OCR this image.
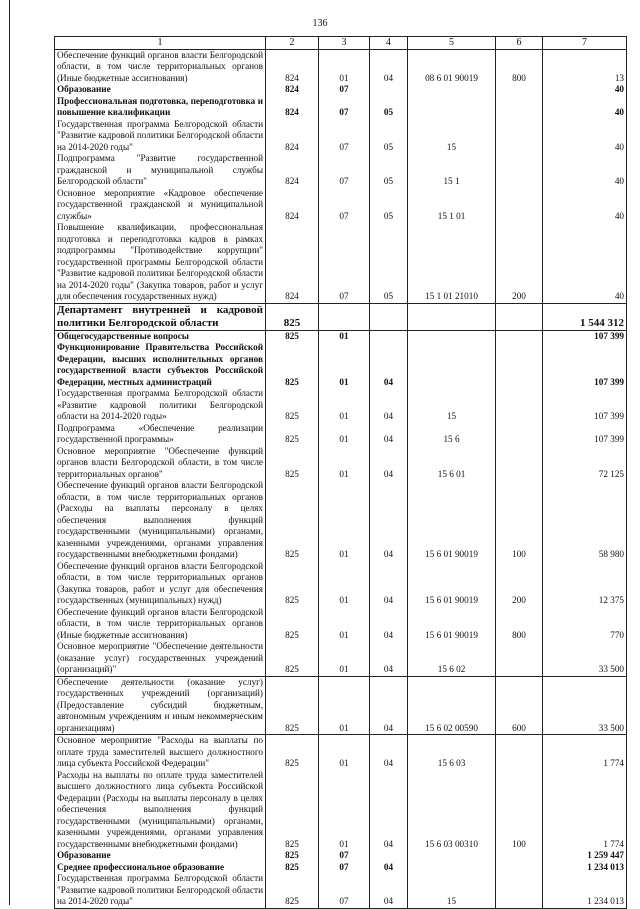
136
1	2	3	4	5	6	7
Обеспечение функций органов власти Белгородской области, в том числе территориальных органов (Иные бюджетные ассигнования)	824	01	04	08 6 01 90019	800	13
Образование	824	07				40
Профессиональная подготовка, переподготовка и повышение квалификации	824	07	05			40
Государственная программа Белгородской области "Развитие кадровой политики Белгородской области на 2014-2020 годы"	824	07	05	15		40
Подпрограмма "Развитие государственной гражданской и муниципальной службы Белгородской области"	824	07	05	15 1		40
Основное мероприятие «Кадровое обеспечение государственной гражданской и муниципальной службы»	824	07	05	15 1 01		40
Повышение квалификации, профессиональная подготовка и переподготовка кадров в рамках подпрограммы "Противодействие коррупции" государственной программы Белгородской области "Развитие кадровой политики Белгородской области на 2014-2020 годы" (Закупка товаров, работ и услуг для обеспечения государственных нужд)	824	07	05	15 1 01 21010	200	40
Департамент внутренней и кадровой политики Белгородской области	825					1 544 312
Общегосударственные вопросы	825	01				107 399
Функционирование Правительства Российской Федерации, высших исполнительных органов государственной власти субъектов Российской Федерации, местных администраций	825	01	04			107 399
Государственная программа Белгородской области «Развитие кадровой политики Белгородской области на 2014-2020 годы»	825	01	04	15		107 399
Подпрограмма «Обеспечение реализации государственной программы»	825	01	04	15 6		107 399
Основное мероприятие "Обеспечение функций органов власти Белгородской области, в том числе территориальных органов"	825	01	04	15 6 01		72 125
Обеспечение функций органов власти Белгородской области, в том числе территориальных органов (Расходы на выплаты персоналу в целях обеспечения выполнения функций государственными (муниципальными) органами, казенными учреждениями, органами управления государственными внебюджетными фондами)	825	01	04	15 6 01 90019	100	58 980
Обеспечение функций органов власти Белгородской области, в том числе территориальных органов (Закупка товаров, работ и услуг для обеспечения государственных (муниципальных) нужд)	825	01	04	15 6 01 90019	200	12 375
Обеспечение функций органов власти Белгородской области, в том числе территориальных органов (Иные бюджетные ассигнования)	825	01	04	15 6 01 90019	800	770
Основное мероприятие "Обеспечение деятельности (оказание услуг) государственных учреждений (организаций)"	825	01	04	15 6 02		33 500
Обеспечение деятельности (оказание услуг) государственных учреждений (организаций) (Предоставление субсидий бюджетным, автономным учреждениям и иным некоммерческим организациям)	825	01	04	15 6 02 00590	600	33 500
Основное мероприятие "Расходы на выплаты по оплате труда заместителей высшего должностного лица субъекта Российской Федерации"	825	01	04	15 6 03		1 774
Расходы на выплаты по оплате труда заместителей высшего должностного лица субъекта Российской Федерации (Расходы на выплаты персоналу в целях обеспечения выполнения функций государственными (муниципальными) органами, казенными учреждениями, органами управления государственными внебюджетными фондами)	825	01	04	15 6 03 00310	100	1 774
Образование	825	07				1 259 447
Среднее профессиональное образование	825	07	04			1 234 013
Государственная программа Белгородской области "Развитие кадровой политики Белгородской области на 2014-2020 годы"	825	07	04	15		1 234 013
